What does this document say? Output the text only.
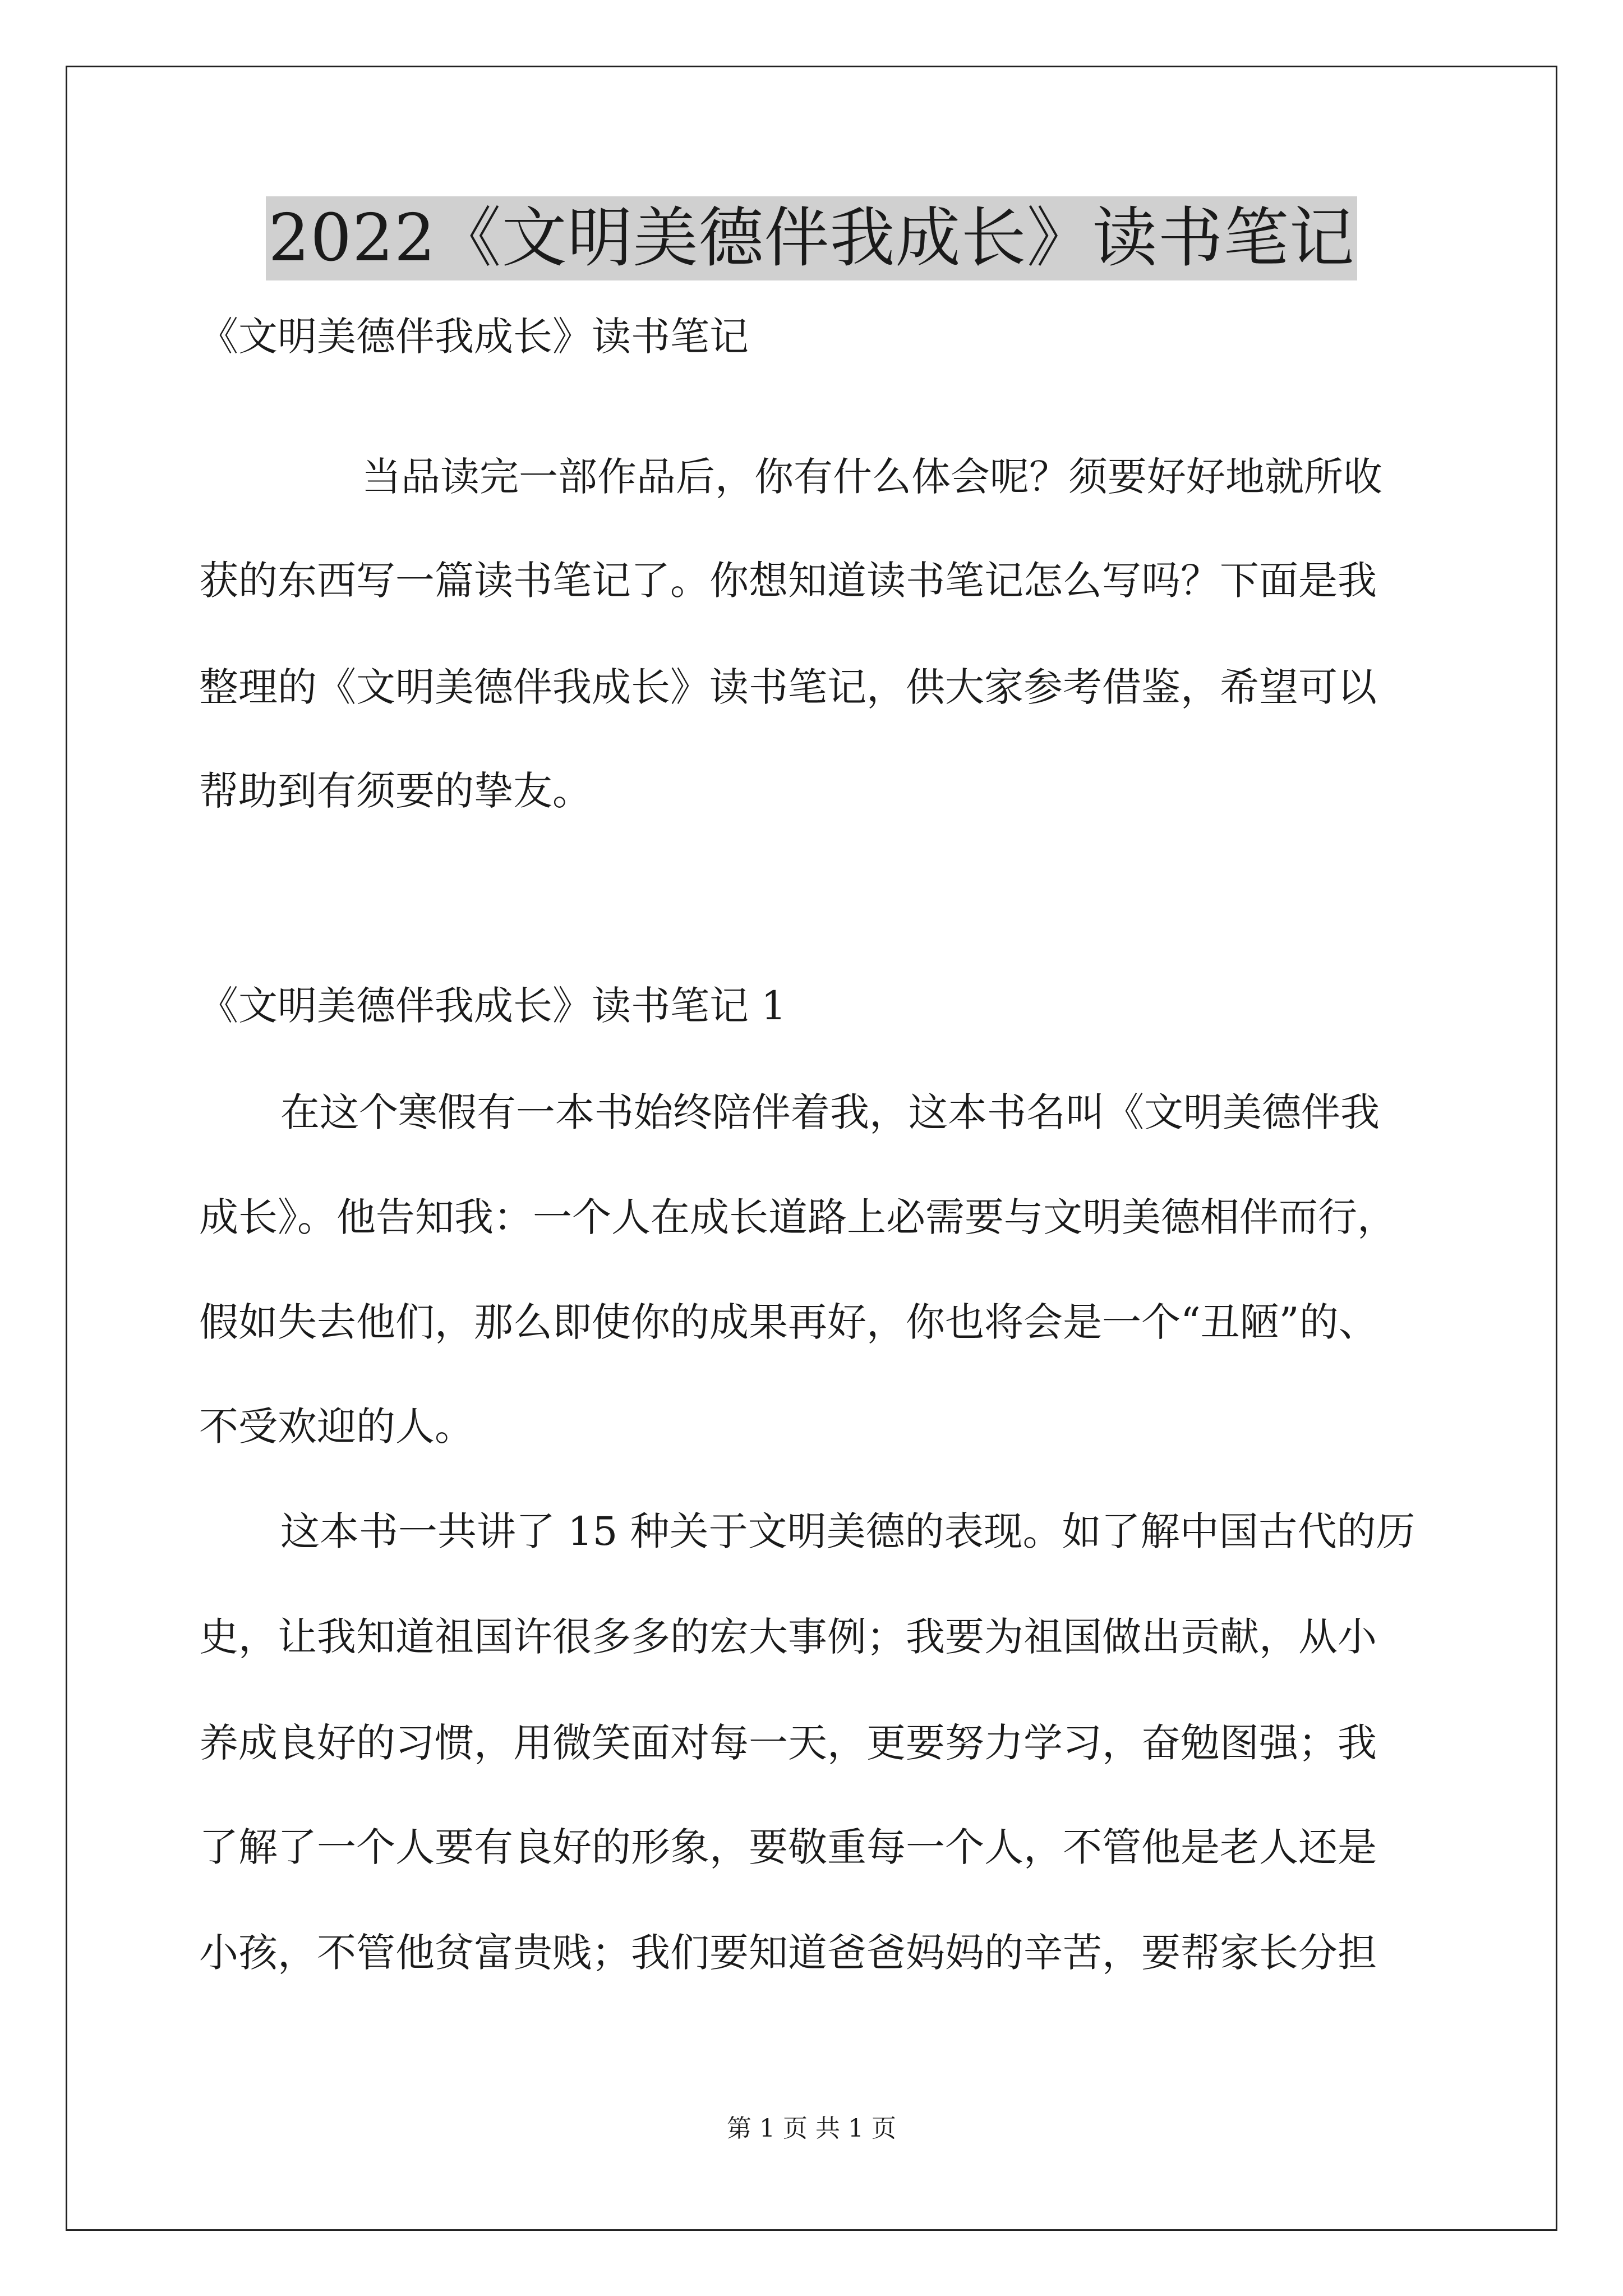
2022《文明美德伴我成长》读书笔记
《文明美德伴我成长》读书笔记
当品读完一部作品后，你有什么体会呢？须要好好地就所收
获的东西写一篇读书笔记了。你想知道读书笔记怎么写吗？下面是我
整理的《文明美德伴我成长》读书笔记，供大家参考借鉴，希望可以
帮助到有须要的挚友。
《文明美德伴我成长》读书笔记 1
在这个寒假有一本书始终陪伴着我，这本书名叫《文明美德伴我
成长》。他告知我：一个人在成长道路上必需要与文明美德相伴而行，
假如失去他们，那么即使你的成果再好，你也将会是一个“丑陋”的、
不受欢迎的人。
这本书一共讲了 15 种关于文明美德的表现。如了解中国古代的历
史，让我知道祖国许很多多的宏大事例；我要为祖国做出贡献，从小
养成良好的习惯，用微笑面对每一天，更要努力学习，奋勉图强；我
了解了一个人要有良好的形象，要敬重每一个人，不管他是老人还是
小孩，不管他贫富贵贱；我们要知道爸爸妈妈的辛苦，要帮家长分担
第 1 页 共 1 页
